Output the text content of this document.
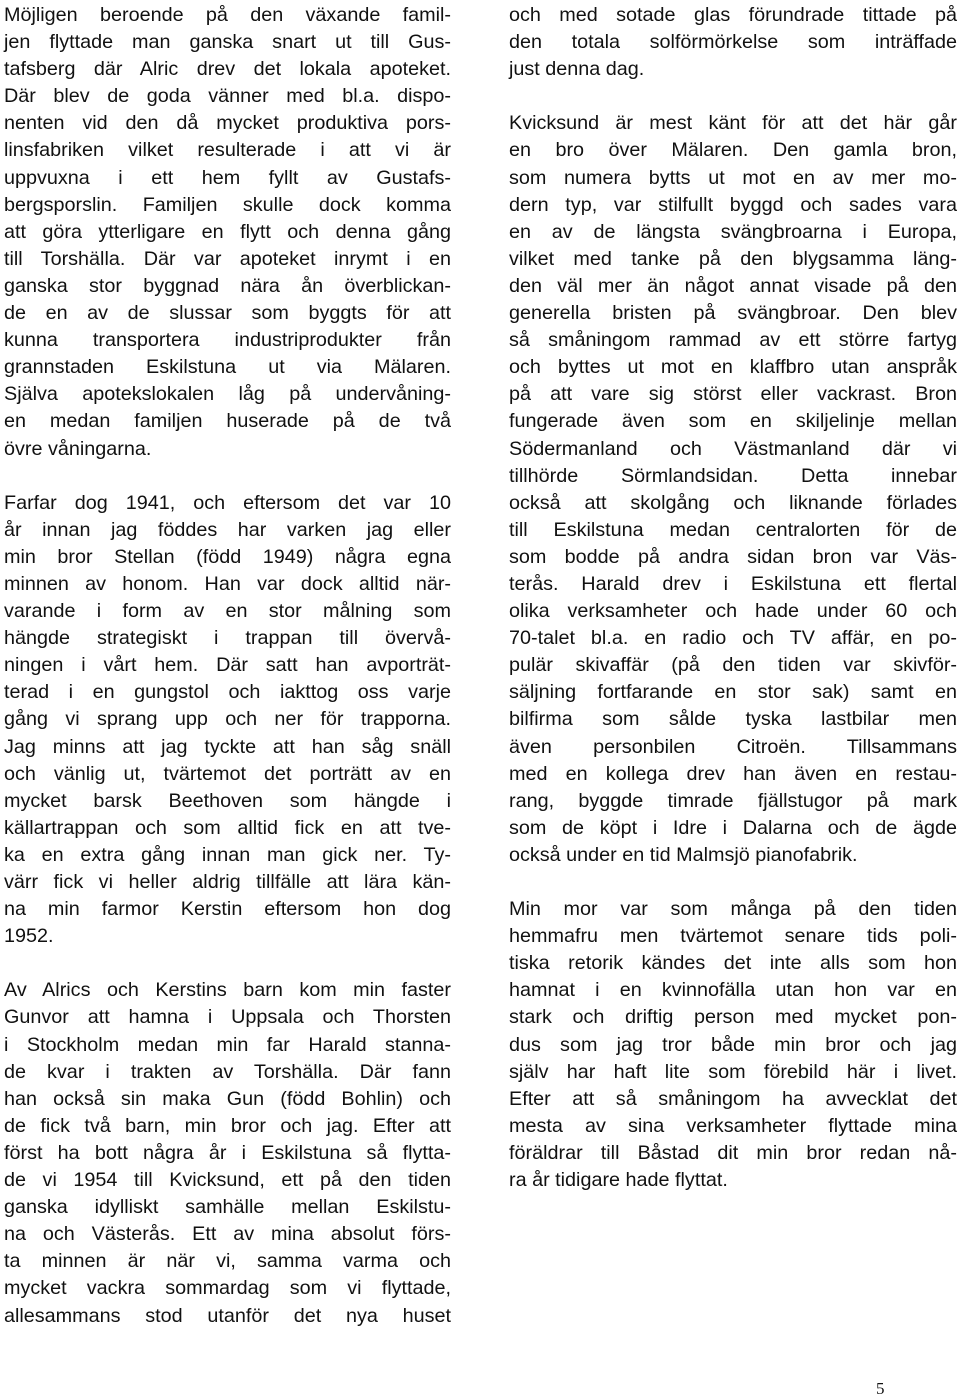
Möjligen beroende på den växande famil-
jen flyttade man ganska snart ut till Gus-
tafsberg där Alric drev det lokala apoteket.
Där blev de goda vänner med bl.a. dispo-
nenten vid den då mycket produktiva pors-
linsfabriken vilket resulterade i att vi är
uppvuxna i ett hem fyllt av Gustafs-
bergsporslin. Familjen skulle dock komma
att göra ytterligare en flytt och denna gång
till Torshälla. Där var apoteket inrymt i en
ganska stor byggnad nära ån överblickan-
de en av de slussar som byggts för att
kunna transportera industriprodukter från
grannstaden Eskilstuna ut via Mälaren.
Själva apotekslokalen låg på undervåning-
en medan familjen huserade på de två
övre våningarna.
Farfar dog 1941, och eftersom det var 10
år innan jag föddes har varken jag eller
min bror Stellan (född 1949) några egna
minnen av honom. Han var dock alltid när-
varande i form av en stor målning som
hängde strategiskt i trappan till övervå-
ningen i vårt hem. Där satt han avporträt-
terad i en gungstol och iakttog oss varje
gång vi sprang upp och ner för trapporna.
Jag minns att jag tyckte att han såg snäll
och vänlig ut, tvärtemot det porträtt av en
mycket barsk Beethoven som hängde i
källartrappan och som alltid fick en att tve-
ka en extra gång innan man gick ner. Ty-
värr fick vi heller aldrig tillfälle att lära kän-
na min farmor Kerstin eftersom hon dog
1952.
Av Alrics och Kerstins barn kom min faster
Gunvor att hamna i Uppsala och Thorsten
i Stockholm medan min far Harald stanna-
de kvar i trakten av Torshälla. Där fann
han också sin maka Gun (född Bohlin) och
de fick två barn, min bror och jag. Efter att
först ha bott några år i Eskilstuna så flytta-
de vi 1954 till Kvicksund, ett på den tiden
ganska idylliskt samhälle mellan Eskilstu-
na och Västerås. Ett av mina absolut förs-
ta minnen är när vi, samma varma och
mycket vackra sommardag som vi flyttade,
allesammans stod utanför det nya huset
och med sotade glas förundrade tittade på
den totala solförmörkelse som inträffade
just denna dag.
Kvicksund är mest känt för att det här går
en bro över Mälaren. Den gamla bron,
som numera bytts ut mot en av mer mo-
dern typ, var stilfullt byggd och sades vara
en av de längsta svängbroarna i Europa,
vilket med tanke på den blygsamma läng-
den väl mer än något annat visade på den
generella bristen på svängbroar. Den blev
så småningom rammad av ett större fartyg
och byttes ut mot en klaffbro utan anspråk
på att vare sig störst eller vackrast. Bron
fungerade även som en skiljelinje mellan
Södermanland och Västmanland där vi
tillhörde Sörmlandsidan. Detta innebar
också att skolgång och liknande förlades
till Eskilstuna medan centralorten för de
som bodde på andra sidan bron var Väs-
terås. Harald drev i Eskilstuna ett flertal
olika verksamheter och hade under 60 och
70-talet bl.a. en radio och TV affär, en po-
pulär skivaffär (på den tiden var skivför-
säljning fortfarande en stor sak) samt en
bilfirma som sålde tyska lastbilar men
även personbilen Citroën. Tillsammans
med en kollega drev han även en restau-
rang, byggde timrade fjällstugor på mark
som de köpt i Idre i Dalarna och de ägde
också under en tid Malmsjö pianofabrik.
Min mor var som många på den tiden
hemmafru men tvärtemot senare tids poli-
tiska retorik kändes det inte alls som hon
hamnat i en kvinnofälla utan hon var en
stark och driftig person med mycket pon-
dus som jag tror både min bror och jag
själv har haft lite som förebild här i livet.
Efter att så småningom ha avvecklat det
mesta av sina verksamheter flyttade mina
föräldrar till Båstad dit min bror redan nå-
ra år tidigare hade flyttat.
5
